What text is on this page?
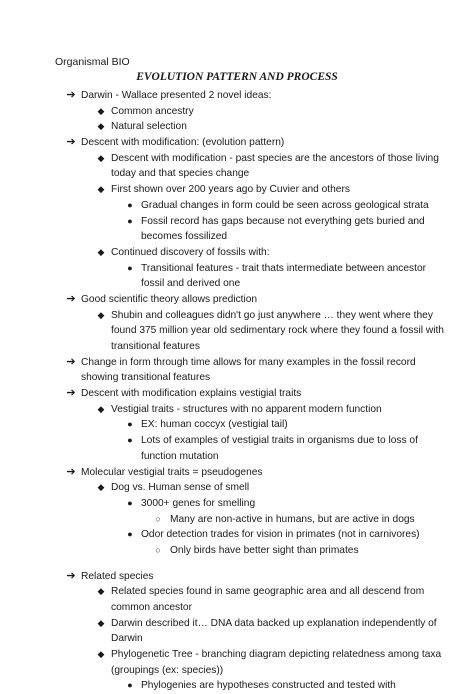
Organismal BIO
EVOLUTION PATTERN AND PROCESS
➔ Darwin - Wallace presented 2 novel ideas:
◆ Common ancestry
◆ Natural selection
➔ Descent with modification: (evolution pattern)
◆ Descent with modification - past species are the ancestors of those living
today and that species change
◆ First shown over 200 years ago by Cuvier and others
● Gradual changes in form could be seen across geological strata
● Fossil record has gaps because not everything gets buried and
becomes fossilized
◆ Continued discovery of fossils with:
● Transitional features - trait thats intermediate between ancestor
fossil and derived one
➔ Good scientific theory allows prediction
◆ Shubin and colleagues didn't go just anywhere … they went where they
found 375 million year old sedimentary rock where they found a fossil with
transitional features
➔ Change in form through time allows for many examples in the fossil record
showing transitional features
➔ Descent with modification explains vestigial traits
◆ Vestigial traits - structures with no apparent modern function
● EX: human coccyx (vestigial tail)
● Lots of examples of vestigial traits in organisms due to loss of
function mutation
➔ Molecular vestigial traits = pseudogenes
◆ Dog vs. Human sense of smell
● 3000+ genes for smelling
○ Many are non-active in humans, but are active in dogs
● Odor detection trades for vision in primates (not in carnivores)
○ Only birds have better sight than primates
➔ Related species
◆ Related species found in same geographic area and all descend from
common ancestor
◆ Darwin described it… DNA data backed up explanation independently of
Darwin
◆ Phylogenetic Tree - branching diagram depicting relatedness among taxa
(groupings (ex: species))
● Phylogenies are hypotheses constructed and tested with
